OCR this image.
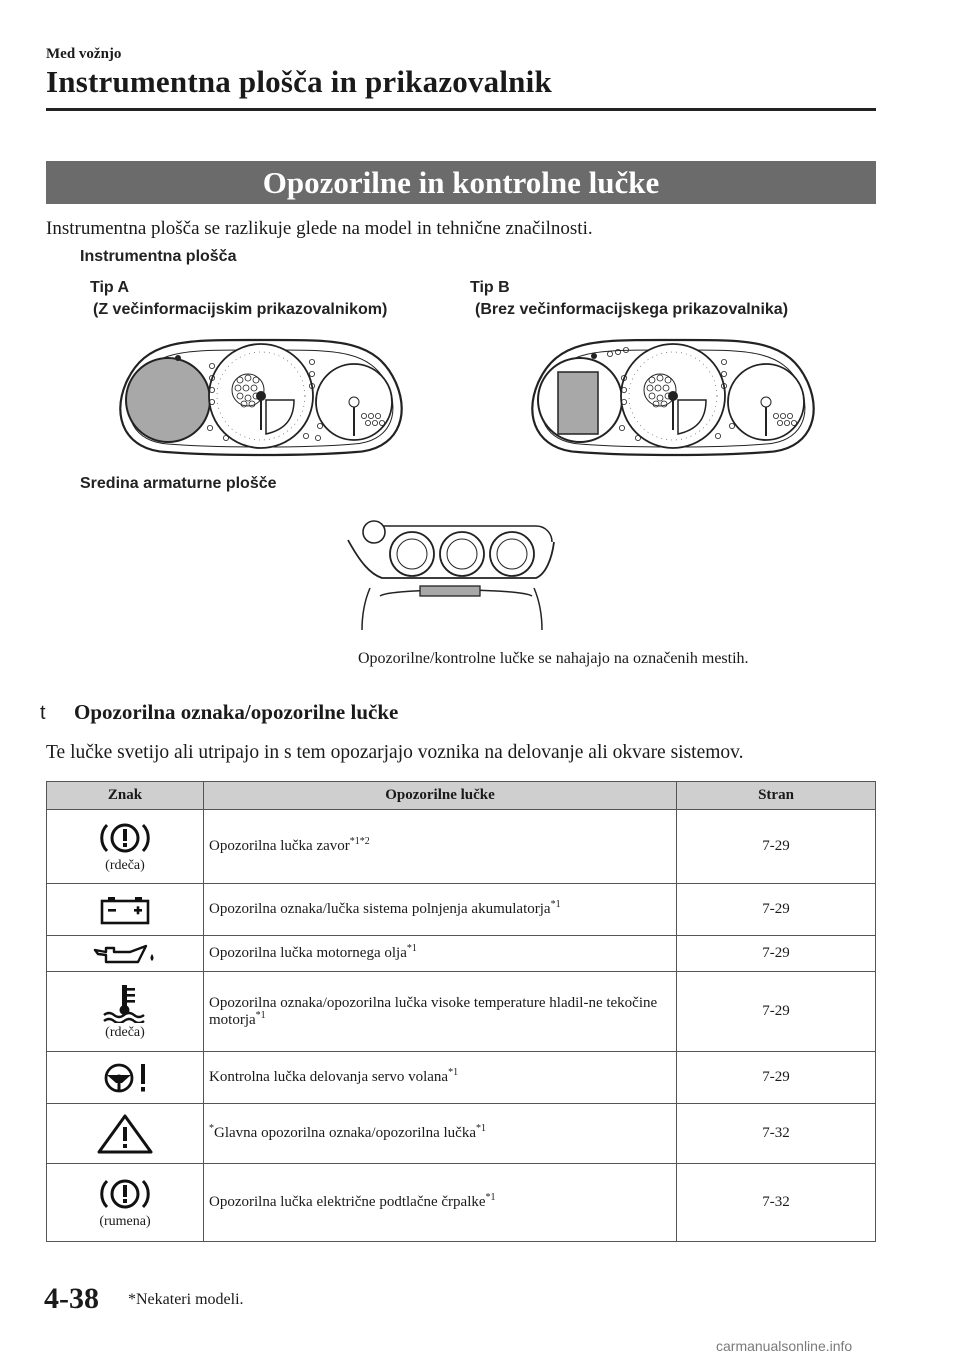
Med vožnjo
Instrumentna plošča in prikazovalnik
Opozorilne in kontrolne lučke
Instrumentna plošča se razlikuje glede na model in tehnične značilnosti.
Instrumentna plošča
Tip A
(Z večinformacijskim prikazovalnikom)
Tip B
(Brez večinformacijskega prikazovalnika)
Sredina armaturne plošče
Opozorilne/kontrolne lučke se nahajajo na označenih mestih.
t Opozorilna oznaka/opozorilne lučke
Te lučke svetijo ali utripajo in s tem opozarjajo voznika na delovanje ali okvare sistemov.
Znak	Opozorilne lučke	Stran

(rdeča)	Opozorilna lučka zavor$^{*1*2}$	7-29

	Opozorilna oznaka/lučka sistema polnjenja akumulatorja$^{*1}$	7-29

	Opozorilna lučka motornega olja$^{*1}$	7-29

(rdeča)	Opozorilna oznaka/opozorilna lučka visoke temperature hladil-ne tekočine motorja$^{*1}$	7-29

	Kontrolna lučka delovanja servo volana$^{*1}$	7-29

	*Glavna opozorilna oznaka/opozorilna lučka$^{*1}$	7-32

(rumena)	Opozorilna lučka električne podtlačne črpalke$^{*1}$	7-32
4-38 *Nekateri modeli.
carmanualsonline.info
